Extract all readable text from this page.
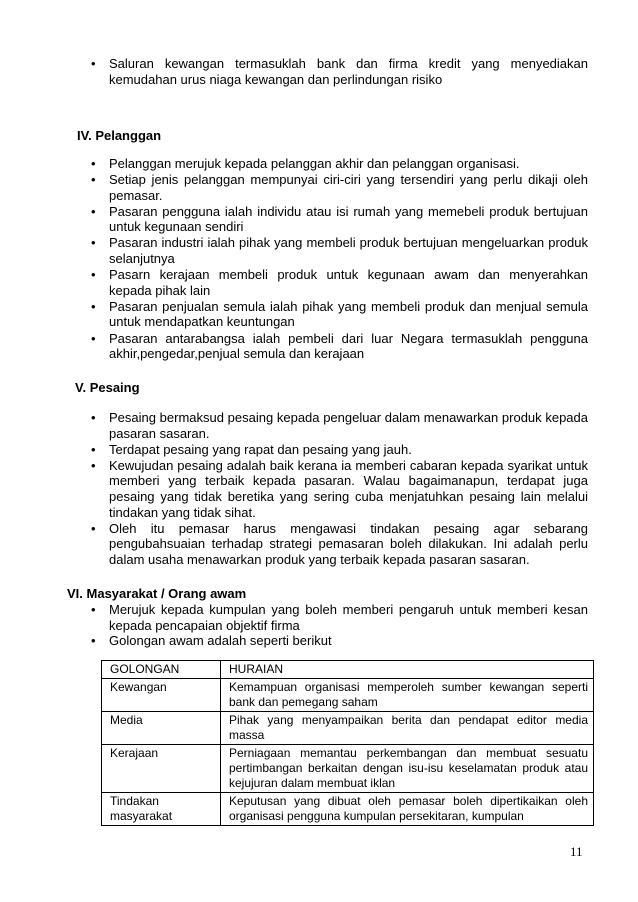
• Saluran kewangan termasuklah bank dan firma kredit yang menyediakan kemudahan urus niaga kewangan dan perlindungan risiko
IV. Pelanggan
• Pelanggan merujuk kepada pelanggan akhir dan pelanggan organisasi.
• Setiap jenis pelanggan mempunyai ciri-ciri yang tersendiri yang perlu dikaji oleh pemasar.
• Pasaran pengguna ialah individu atau isi rumah yang memebeli produk bertujuan untuk kegunaan sendiri
• Pasaran industri ialah pihak yang membeli produk bertujuan mengeluarkan produk selanjutnya
• Pasarn kerajaan membeli produk untuk kegunaan awam dan menyerahkan kepada pihak lain
• Pasaran penjualan semula ialah pihak yang membeli produk dan menjual semula untuk mendapatkan keuntungan
• Pasaran antarabangsa ialah pembeli dari luar Negara termasuklah pengguna akhir,pengedar,penjual semula dan kerajaan
V. Pesaing
• Pesaing bermaksud pesaing kepada pengeluar dalam menawarkan produk kepada pasaran sasaran.
• Terdapat pesaing yang rapat dan pesaing yang jauh.
• Kewujudan pesaing adalah baik kerana ia memberi cabaran kepada syarikat untuk memberi yang terbaik kepada pasaran. Walau bagaimanapun, terdapat juga pesaing yang tidak beretika yang sering cuba menjatuhkan pesaing lain melalui tindakan yang tidak sihat.
• Oleh itu pemasar harus mengawasi tindakan pesaing agar sebarang pengubahsuaian terhadap strategi pemasaran boleh dilakukan. Ini adalah perlu dalam usaha menawarkan produk yang terbaik kepada pasaran sasaran.
VI. Masyarakat / Orang awam
• Merujuk kepada kumpulan yang boleh memberi pengaruh untuk memberi kesan kepada pencapaian objektif firma
• Golongan awam adalah seperti berikut
GOLONGAN	HURAIAN
Kewangan	Kemampuan organisasi memperoleh sumber kewangan seperti bank dan pemegang saham
Media	Pihak yang menyampaikan berita dan pendapat editor media massa
Kerajaan	Perniagaan memantau perkembangan dan membuat sesuatu pertimbangan berkaitan dengan isu-isu keselamatan produk atau kejujuran dalam membuat iklan
Tindakan masyarakat	Keputusan yang dibuat oleh pemasar boleh dipertikaikan oleh organisasi pengguna kumpulan persekitaran, kumpulan
11
